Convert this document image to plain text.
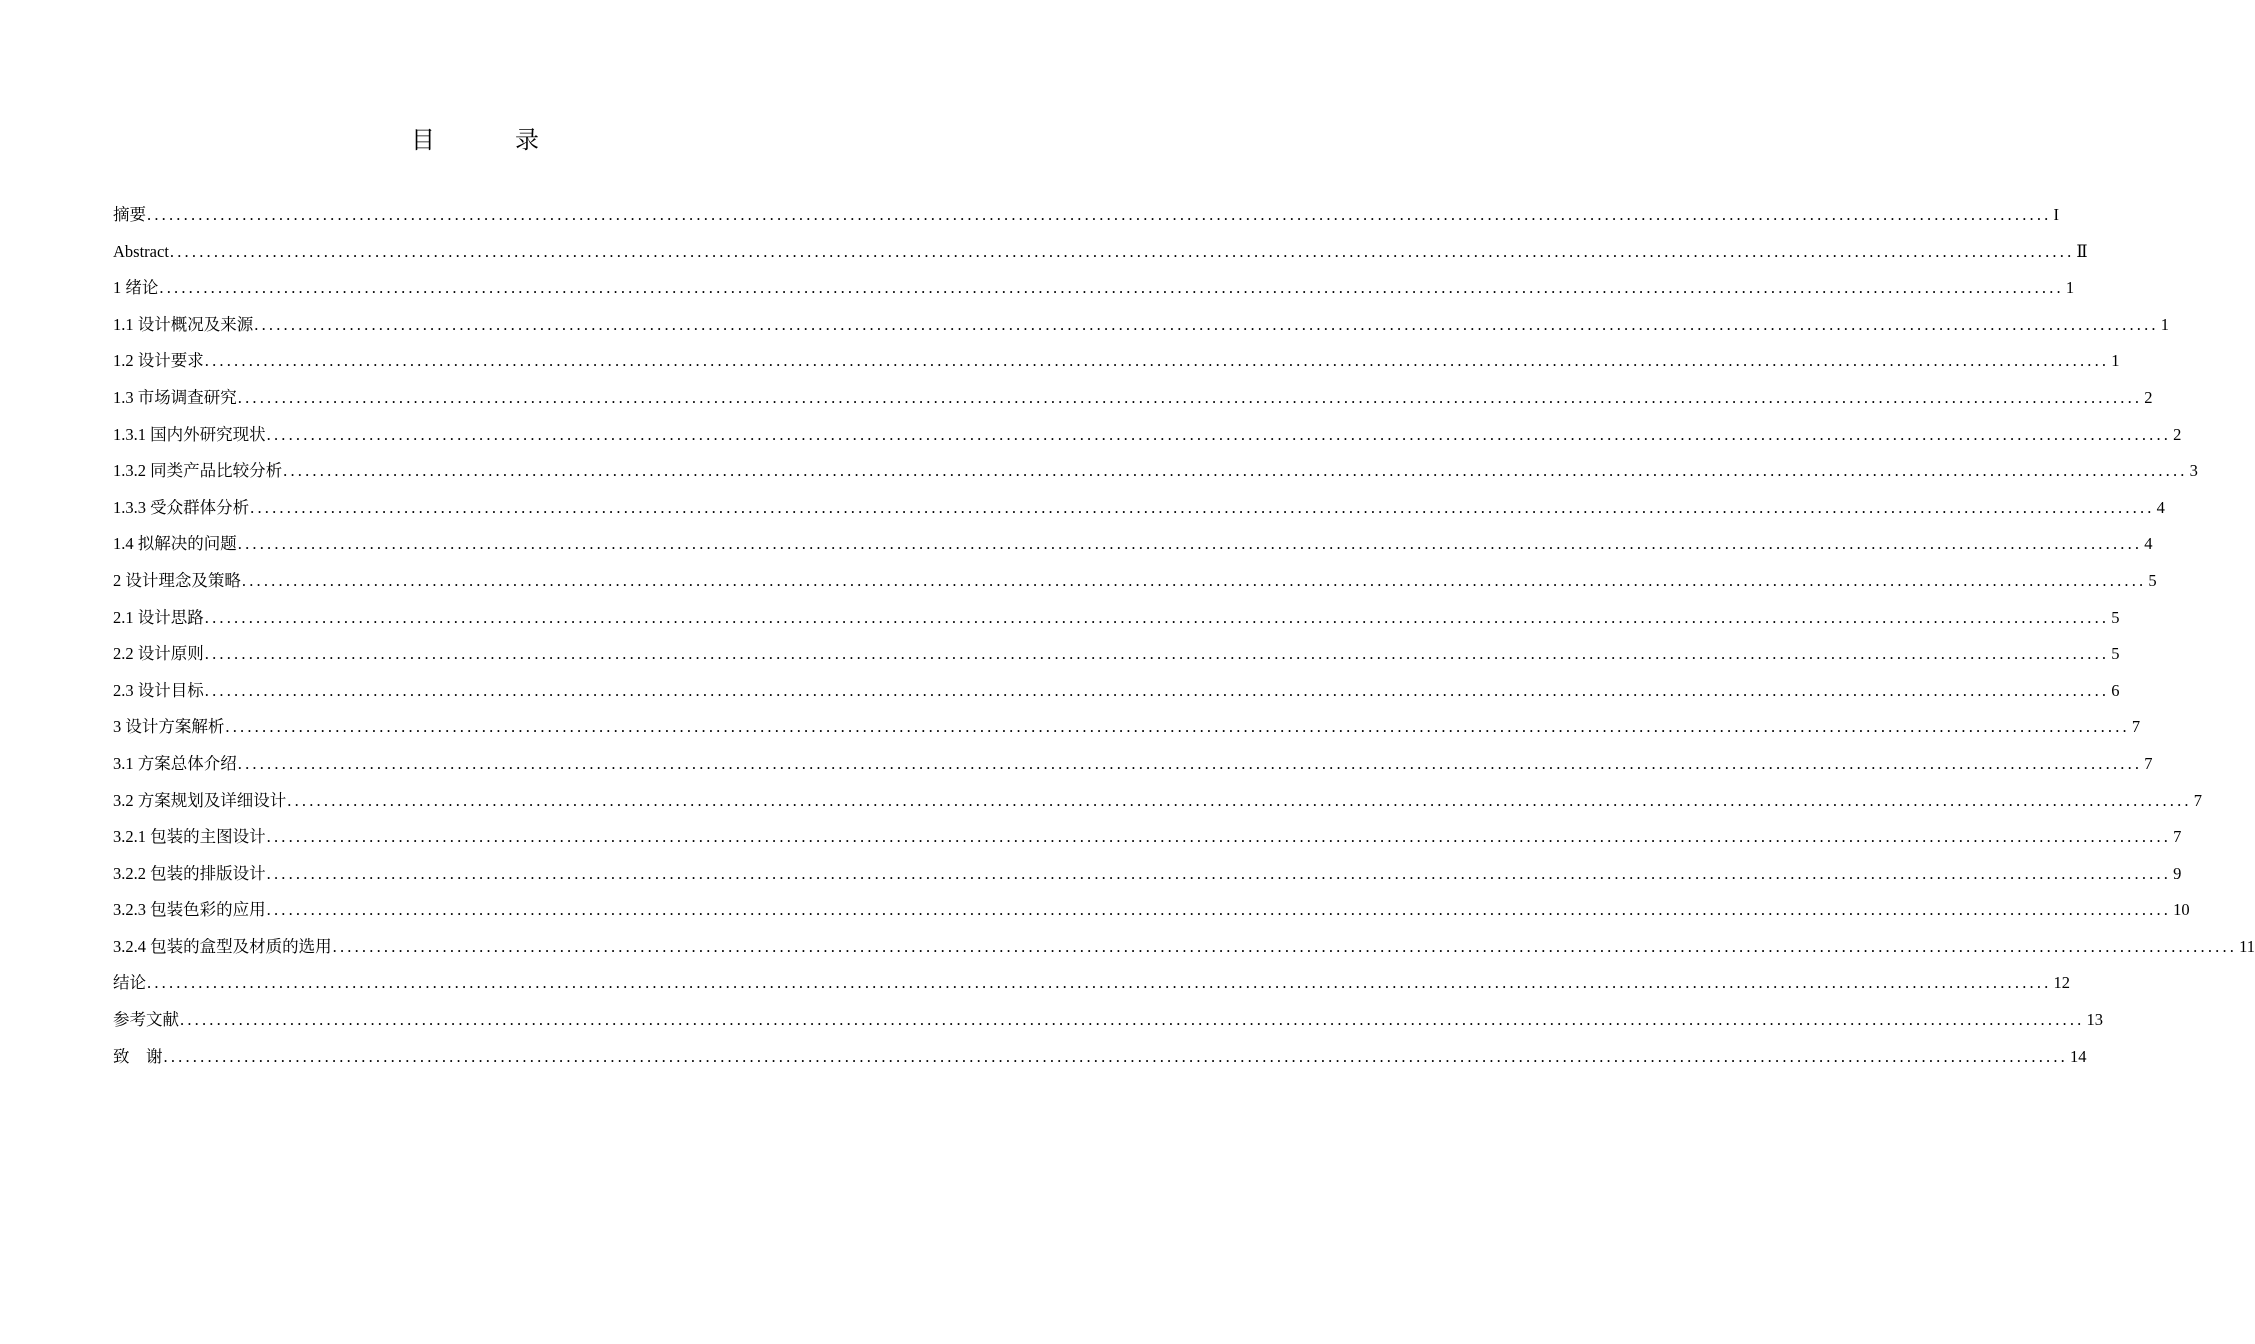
目　录
摘要 .................................................................................................................................................................................................................................................................... I
Abstract .................................................................................................................................................................................................................................................................... Ⅱ
1 绪论 .................................................................................................................................................................................................................................................................... 1
1.1 设计概况及来源 .................................................................................................................................................................................................................................................................... 1
1.2 设计要求 .................................................................................................................................................................................................................................................................... 1
1.3 市场调查研究 .................................................................................................................................................................................................................................................................... 2
1.3.1 国内外研究现状 .................................................................................................................................................................................................................................................................... 2
1.3.2 同类产品比较分析 .................................................................................................................................................................................................................................................................... 3
1.3.3 受众群体分析 .................................................................................................................................................................................................................................................................... 4
1.4 拟解决的问题 .................................................................................................................................................................................................................................................................... 4
2 设计理念及策略 .................................................................................................................................................................................................................................................................... 5
2.1 设计思路 .................................................................................................................................................................................................................................................................... 5
2.2 设计原则 .................................................................................................................................................................................................................................................................... 5
2.3 设计目标 .................................................................................................................................................................................................................................................................... 6
3 设计方案解析 .................................................................................................................................................................................................................................................................... 7
3.1 方案总体介绍 .................................................................................................................................................................................................................................................................... 7
3.2 方案规划及详细设计 .................................................................................................................................................................................................................................................................... 7
3.2.1 包装的主图设计 .................................................................................................................................................................................................................................................................... 7
3.2.2 包装的排版设计 .................................................................................................................................................................................................................................................................... 9
3.2.3 包装色彩的应用 .................................................................................................................................................................................................................................................................... 10
3.2.4 包装的盒型及材质的选用 .................................................................................................................................................................................................................................................................... 11
结论 .................................................................................................................................................................................................................................................................... 12
参考文献 .................................................................................................................................................................................................................................................................... 13
致　谢 .................................................................................................................................................................................................................................................................... 14
